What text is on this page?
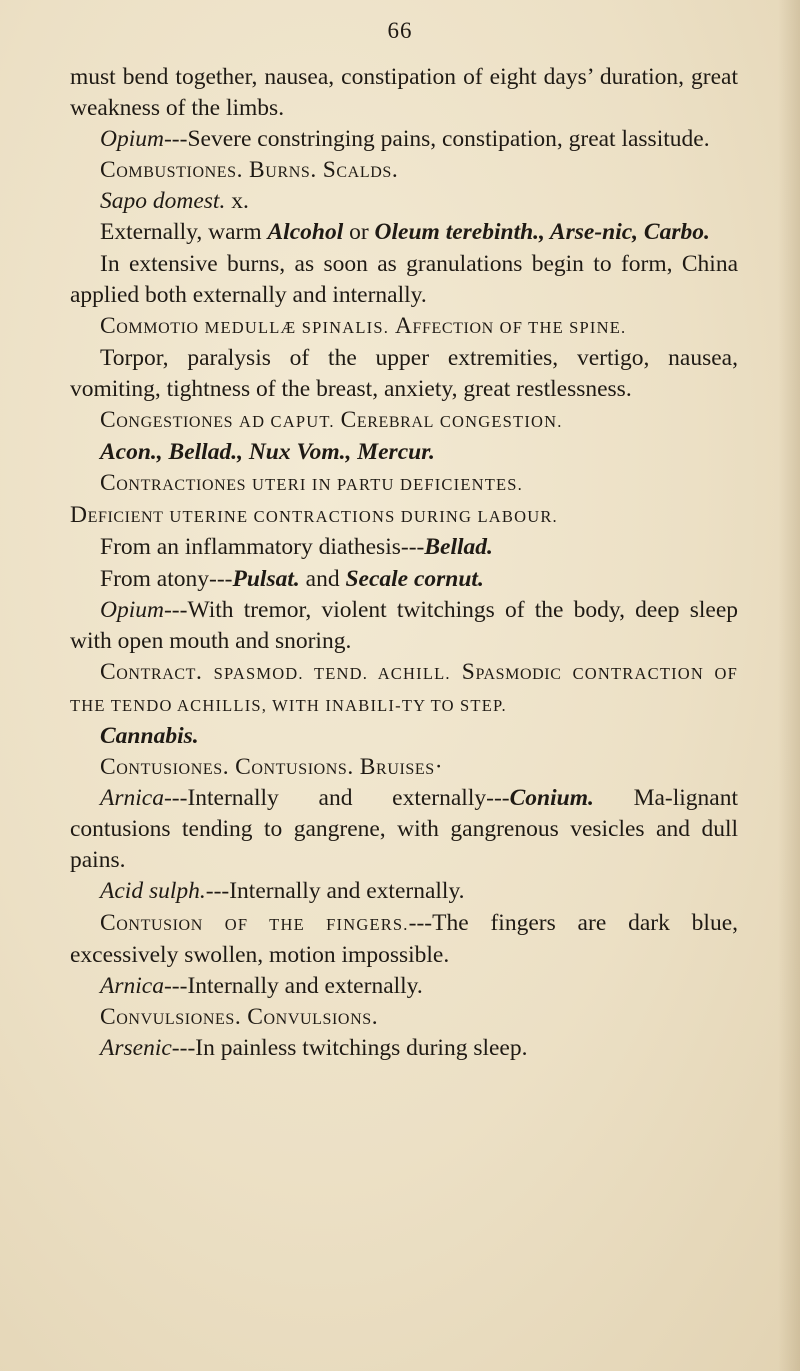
66

must bend together, nausea, constipation of eight days’ duration, great weakness of the limbs.

Opium---Severe constringing pains, constipation, great lassitude.

Combustiones. Burns. Scalds.

Sapo domest. x.

Externally, warm Alcohol or Oleum terebinth., Arse-nic, Carbo.

In extensive burns, as soon as granulations begin to form, China applied both externally and internally.

Commotio MEDULLÆ SPINALIS. Affection OF THE SPINE.

Torpor, paralysis of the upper extremities, vertigo, nausea, vomiting, tightness of the breast, anxiety, great restlessness.

Congestiones AD CAPUT. Cerebral CONGESTION.

Acon., Bellad., Nux Vom., Mercur.

Contractiones UTERI IN PARTU DEFICIENTES.
Deficient UTERINE CONTRACTIONS DURING LABOUR.

From an inflammatory diathesis---Bellad.

From atony---Pulsat. and Secale cornut.

Opium---With tremor, violent twitchings of the body, deep sleep with open mouth and snoring.

Contract. SPASMOD. TEND. ACHILL. Spasmodic CONTRACTION OF THE TENDO ACHILLIS, WITH INABILI-TY TO STEP.

Cannabis.

Contusiones. Contusions. Bruises·

Arnica---Internally and externally---Conium. Ma-lignant contusions tending to gangrene, with gangrenous vesicles and dull pains.

Acid sulph.---Internally and externally.

Contusion OF THE FINGERS.---The fingers are dark blue, excessively swollen, motion impossible.

Arnica---Internally and externally.

Convulsiones. Convulsions.

Arsenic---In painless twitchings during sleep.
